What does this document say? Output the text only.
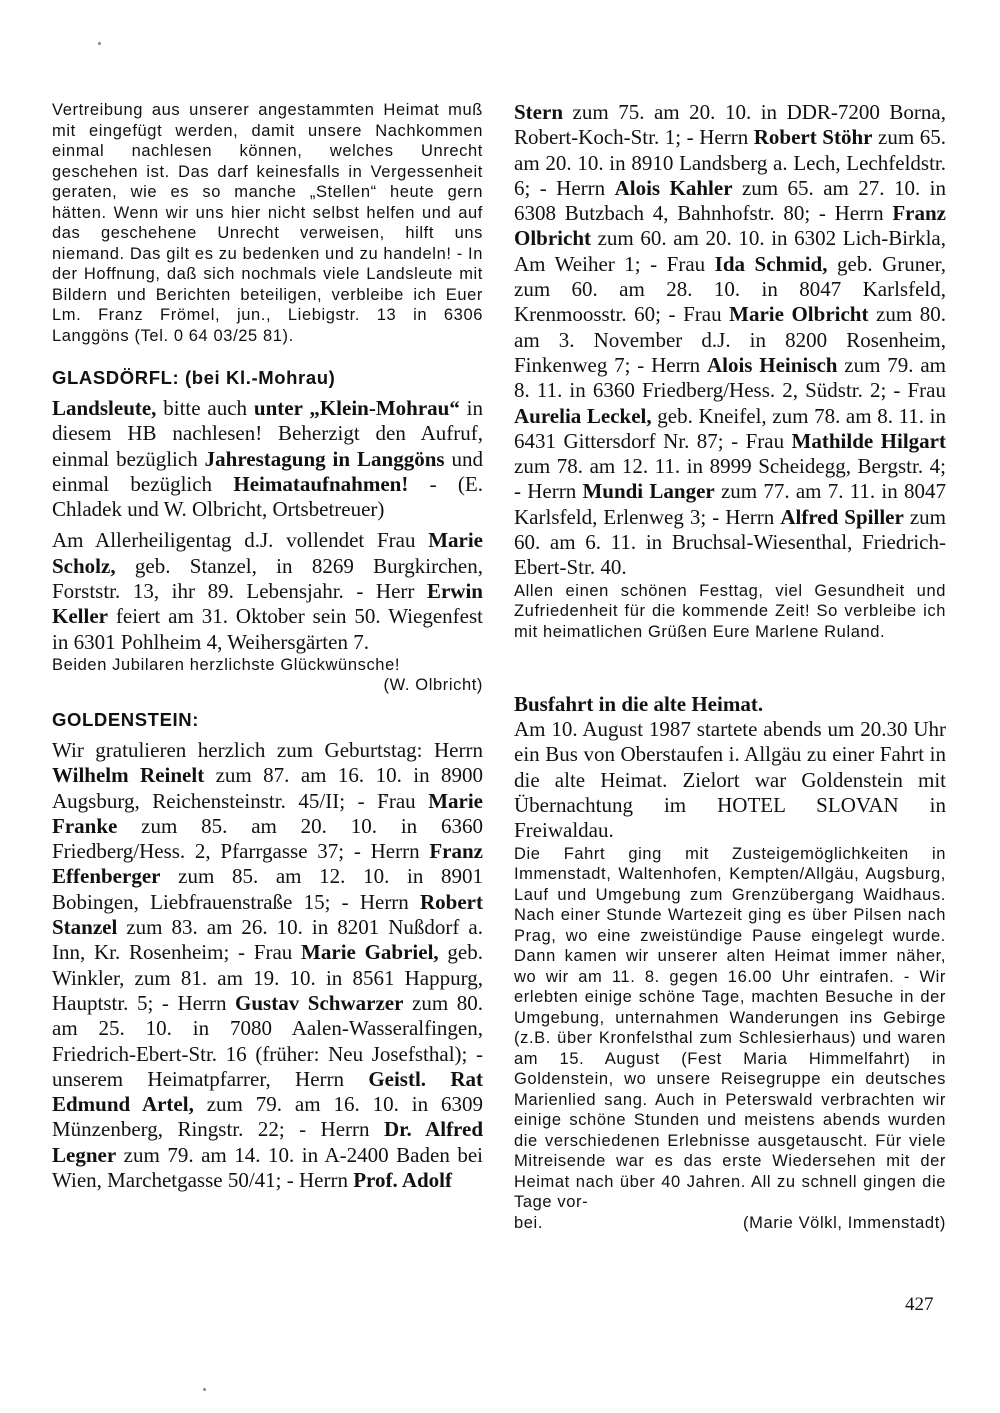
Vertreibung aus unserer angestammten Heimat muß mit eingefügt werden, damit unsere Nachkommen einmal nachlesen können, welches Unrecht geschehen ist. Das darf keinesfalls in Vergessenheit geraten, wie es so manche „Stellen“ heute gern hätten. Wenn wir uns hier nicht selbst helfen und auf das geschehene Unrecht verweisen, hilft uns niemand. Das gilt es zu bedenken und zu handeln! - In der Hoffnung, daß sich nochmals viele Landsleute mit Bildern und Berichten beteiligen, verbleibe ich Euer Lm. Franz Frömel, jun., Liebigstr. 13 in 6306 Langgöns (Tel. 0 64 03/25 81).

GLASDÖRFL: (bei Kl.-Mohrau)

Landsleute, bitte auch unter „Klein-Mohrau“ in diesem HB nachlesen! Beherzigt den Aufruf, einmal bezüglich Jahrestagung in Langgöns und einmal bezüglich Heimataufnahmen! - (E. Chladek und W. Olbricht, Ortsbetreuer)

Am Allerheiligentag d.J. vollendet Frau Marie Scholz, geb. Stanzel, in 8269 Burgkirchen, Forststr. 13, ihr 89. Lebensjahr. - Herr Erwin Keller feiert am 31. Oktober sein 50. Wiegenfest in 6301 Pohlheim 4, Weihersgärten 7.

Beiden Jubilaren herzlichste Glückwünsche!

(W. Olbricht)

GOLDENSTEIN:

Wir gratulieren herzlich zum Geburtstag: Herrn Wilhelm Reinelt zum 87. am 16. 10. in 8900 Augsburg, Reichensteinstr. 45/II; - Frau Marie Franke zum 85. am 20. 10. in 6360 Friedberg/Hess. 2, Pfarrgasse 37; - Herrn Franz Effenberger zum 85. am 12. 10. in 8901 Bobingen, Liebfrauenstraße 15; - Herrn Robert Stanzel zum 83. am 26. 10. in 8201 Nußdorf a. Inn, Kr. Rosenheim; - Frau Marie Gabriel, geb. Winkler, zum 81. am 19. 10. in 8561 Happurg, Hauptstr. 5; - Herrn Gustav Schwarzer zum 80. am 25. 10. in 7080 Aalen-Wasseralfingen, Friedrich-Ebert-Str. 16 (früher: Neu Josefsthal); - unserem Heimatpfarrer, Herrn Geistl. Rat Edmund Artel, zum 79. am 16. 10. in 6309 Münzenberg, Ringstr. 22; - Herrn Dr. Alfred Legner zum 79. am 14. 10. in A-2400 Baden bei Wien, Marchetgasse 50/41; - Herrn Prof. Adolf

Stern zum 75. am 20. 10. in DDR-7200 Borna, Robert-Koch-Str. 1; - Herrn Robert Stöhr zum 65. am 20. 10. in 8910 Landsberg a. Lech, Lechfeldstr. 6; - Herrn Alois Kahler zum 65. am 27. 10. in 6308 Butzbach 4, Bahnhofstr. 80; - Herrn Franz Olbricht zum 60. am 20. 10. in 6302 Lich-Birkla, Am Weiher 1; - Frau Ida Schmid, geb. Gruner, zum 60. am 28. 10. in 8047 Karlsfeld, Krenmoosstr. 60; - Frau Marie Olbricht zum 80. am 3. November d.J. in 8200 Rosenheim, Finkenweg 7; - Herrn Alois Heinisch zum 79. am 8. 11. in 6360 Friedberg/Hess. 2, Südstr. 2; - Frau Aurelia Leckel, geb. Kneifel, zum 78. am 8. 11. in 6431 Gittersdorf Nr. 87; - Frau Mathilde Hilgart zum 78. am 12. 11. in 8999 Scheidegg, Bergstr. 4; - Herrn Mundi Langer zum 77. am 7. 11. in 8047 Karlsfeld, Erlenweg 3; - Herrn Alfred Spiller zum 60. am 6. 11. in Bruchsal-Wiesenthal, Friedrich-Ebert-Str. 40.

Allen einen schönen Festtag, viel Gesundheit und Zufriedenheit für die kommende Zeit! So verbleibe ich mit heimatlichen Grüßen Eure Marlene Ruland.

Busfahrt in die alte Heimat.

Am 10. August 1987 startete abends um 20.30 Uhr ein Bus von Oberstaufen i. Allgäu zu einer Fahrt in die alte Heimat. Zielort war Goldenstein mit Übernachtung im HOTEL SLOVAN in Freiwaldau.

Die Fahrt ging mit Zusteigemöglichkeiten in Immenstadt, Waltenhofen, Kempten/Allgäu, Augsburg, Lauf und Umgebung zum Grenzübergang Waidhaus. Nach einer Stunde Wartezeit ging es über Pilsen nach Prag, wo eine zweistündige Pause eingelegt wurde. Dann kamen wir unserer alten Heimat immer näher, wo wir am 11. 8. gegen 16.00 Uhr eintrafen. - Wir erlebten einige schöne Tage, machten Besuche in der Umgebung, unternahmen Wanderungen ins Gebirge (z.B. über Kronfelsthal zum Schlesierhaus) und waren am 15. August (Fest Maria Himmelfahrt) in Goldenstein, wo unsere Reisegruppe ein deutsches Marienlied sang. Auch in Peterswald verbrachten wir einige schöne Stunden und meistens abends wurden die verschiedenen Erlebnisse ausgetauscht. Für viele Mitreisende war es das erste Wiedersehen mit der Heimat nach über 40 Jahren. All zu schnell gingen die Tage vor-

bei.	(Marie Völkl, Immenstadt)
427
